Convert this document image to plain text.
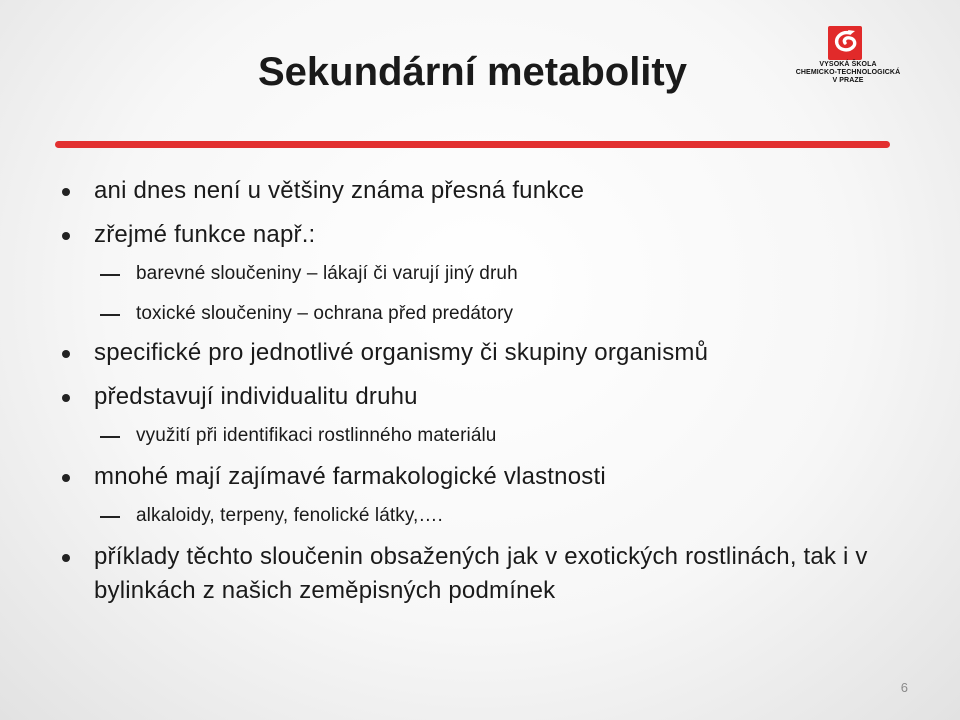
Sekundární metabolity	VYSOKÁ ŠKOLA
CHEMICKO-TECHNOLOGICKÁ
V PRAZE
ani dnes není u většiny známa přesná funkce
zřejmé funkce např.:
barevné sloučeniny – lákají či varují jiný druh
toxické sloučeniny – ochrana před predátory
specifické pro jednotlivé organismy či skupiny organismů
představují individualitu druhu
využití při identifikaci rostlinného materiálu
mnohé mají zajímavé farmakologické vlastnosti
alkaloidy, terpeny, fenolické látky,….
příklady těchto sloučenin obsažených jak v exotických rostlinách, tak i v bylinkách z našich zeměpisných podmínek
6
